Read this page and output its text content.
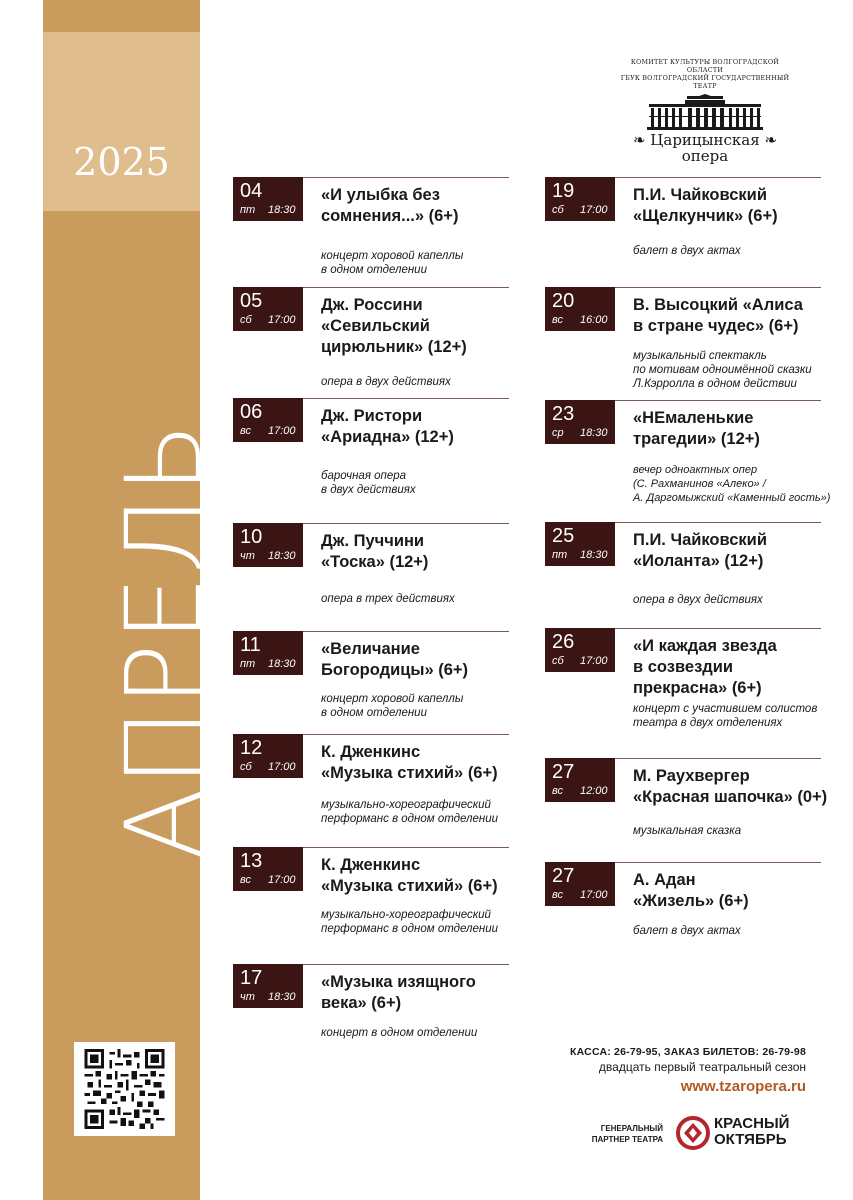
2025
АПРЕЛЬ
КОМИТЕТ КУЛЬТУРЫ ВОЛГОГРАДСКОЙ ОБЛАСТИ
ГБУК ВОЛГОГРАДСКИЙ ГОСУДАРСТВЕННЫЙ ТЕАТР
❧ Царицынская ❧
опера
04
пт 18:30
«И улыбка без
сомнения...» (6+)
концерт хоровой капеллы
в одном отделении
05
сб 17:00
Дж. Россини
«Севильский
цирюльник» (12+)
опера в двух действиях
06
вс 17:00
Дж. Ристори
«Ариадна» (12+)
барочная опера
в двух действиях
10
чт 18:30
Дж. Пуччини
«Тоска» (12+)
опера в трех действиях
11
пт 18:30
«Величание
Богородицы» (6+)
концерт хоровой капеллы
в одном отделении
12
сб 17:00
К. Дженкинс
«Музыка стихий» (6+)
музыкально-хореографический
перформанс в одном отделении
13
вс 17:00
К. Дженкинс
«Музыка стихий» (6+)
музыкально-хореографический
перформанс в одном отделении
17
чт 18:30
«Музыка изящного
века» (6+)
концерт в одном отделении
19
сб 17:00
П.И. Чайковский
«Щелкунчик» (6+)
балет в двух актах
20
вс 16:00
В. Высоцкий «Алиса
в стране чудес» (6+)
музыкальный спектакль
по мотивам одноимённой сказки
Л.Кэрролла в одном действии
23
ср 18:30
«НЕмаленькие
трагедии» (12+)
вечер одноактных опер
(С. Рахманинов «Алеко» /
А. Даргомыжский «Каменный гость»)
25
пт 18:30
П.И. Чайковский
«Иоланта» (12+)
опера в двух действиях
26
сб 17:00
«И каждая звезда
в созвездии
прекрасна» (6+)
концерт с участившем солистов
театра в двух отделениях
27
вс 12:00
М. Раухвергер
«Красная шапочка» (0+)
музыкальная сказка
27
вс 17:00
А. Адан
«Жизель» (6+)
балет в двух актах
КАССА: 26-79-95, ЗАКАЗ БИЛЕТОВ: 26-79-98
двадцать первый театральный сезон
www.tzaropera.ru
ГЕНЕРАЛЬНЫЙ
ПАРТНЕР ТЕАТРА
КРАСНЫЙ
ОКТЯБРЬ
